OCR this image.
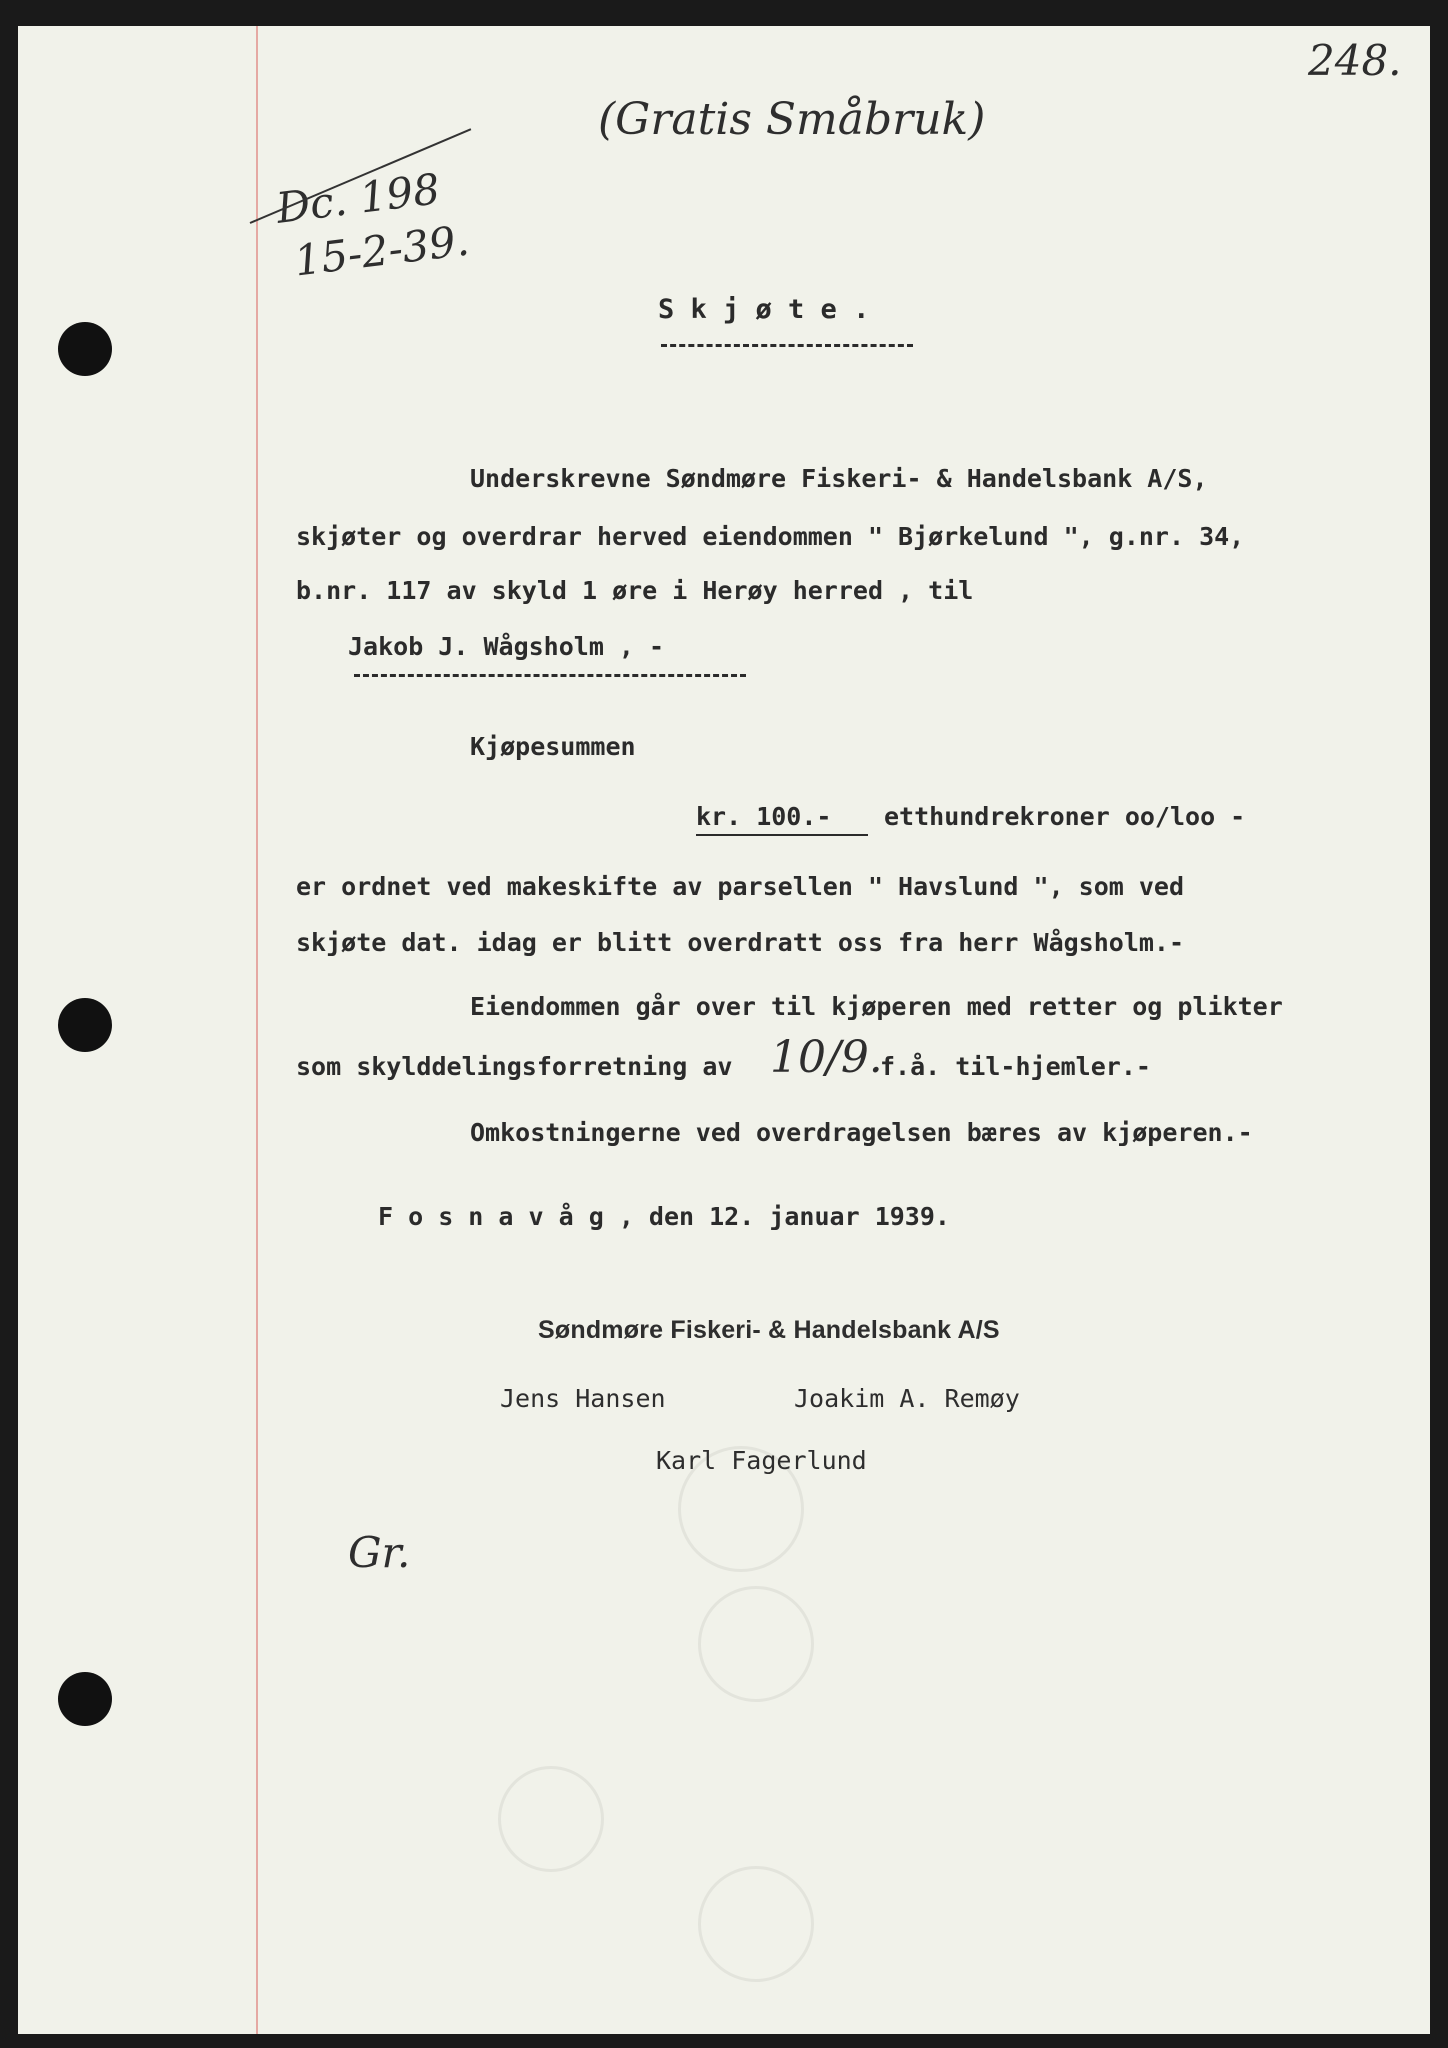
248.
(Gratis Småbruk)
Dc. 198
15-2-39.
S k j ø t e .
Underskrevne Søndmøre Fiskeri- & Handelsbank A/S,
skjøter og overdrar herved eiendommen " Bjørkelund ", g.nr. 34,
b.nr. 117 av skyld 1 øre i Herøy herred , til
Jakob J. Wågsholm , -
Kjøpesummen
kr. 100.- etthundrekroner oo/loo -
er ordnet ved makeskifte av parsellen " Havslund ", som ved
skjøte dat. idag er blitt overdratt oss fra herr Wågsholm.-
Eiendommen går over til kjøperen med retter og plikter
som skylddelingsforretning av 10/9.
f.å. til-hjemler.-
Omkostningerne ved overdragelsen bæres av kjøperen.-
F o s n a v å g , den 12. januar 1939.
Søndmøre Fiskeri- & Handelsbank A/S
Jens Hansen	Joakim A. Remøy
Karl Fagerlund
Gr.
